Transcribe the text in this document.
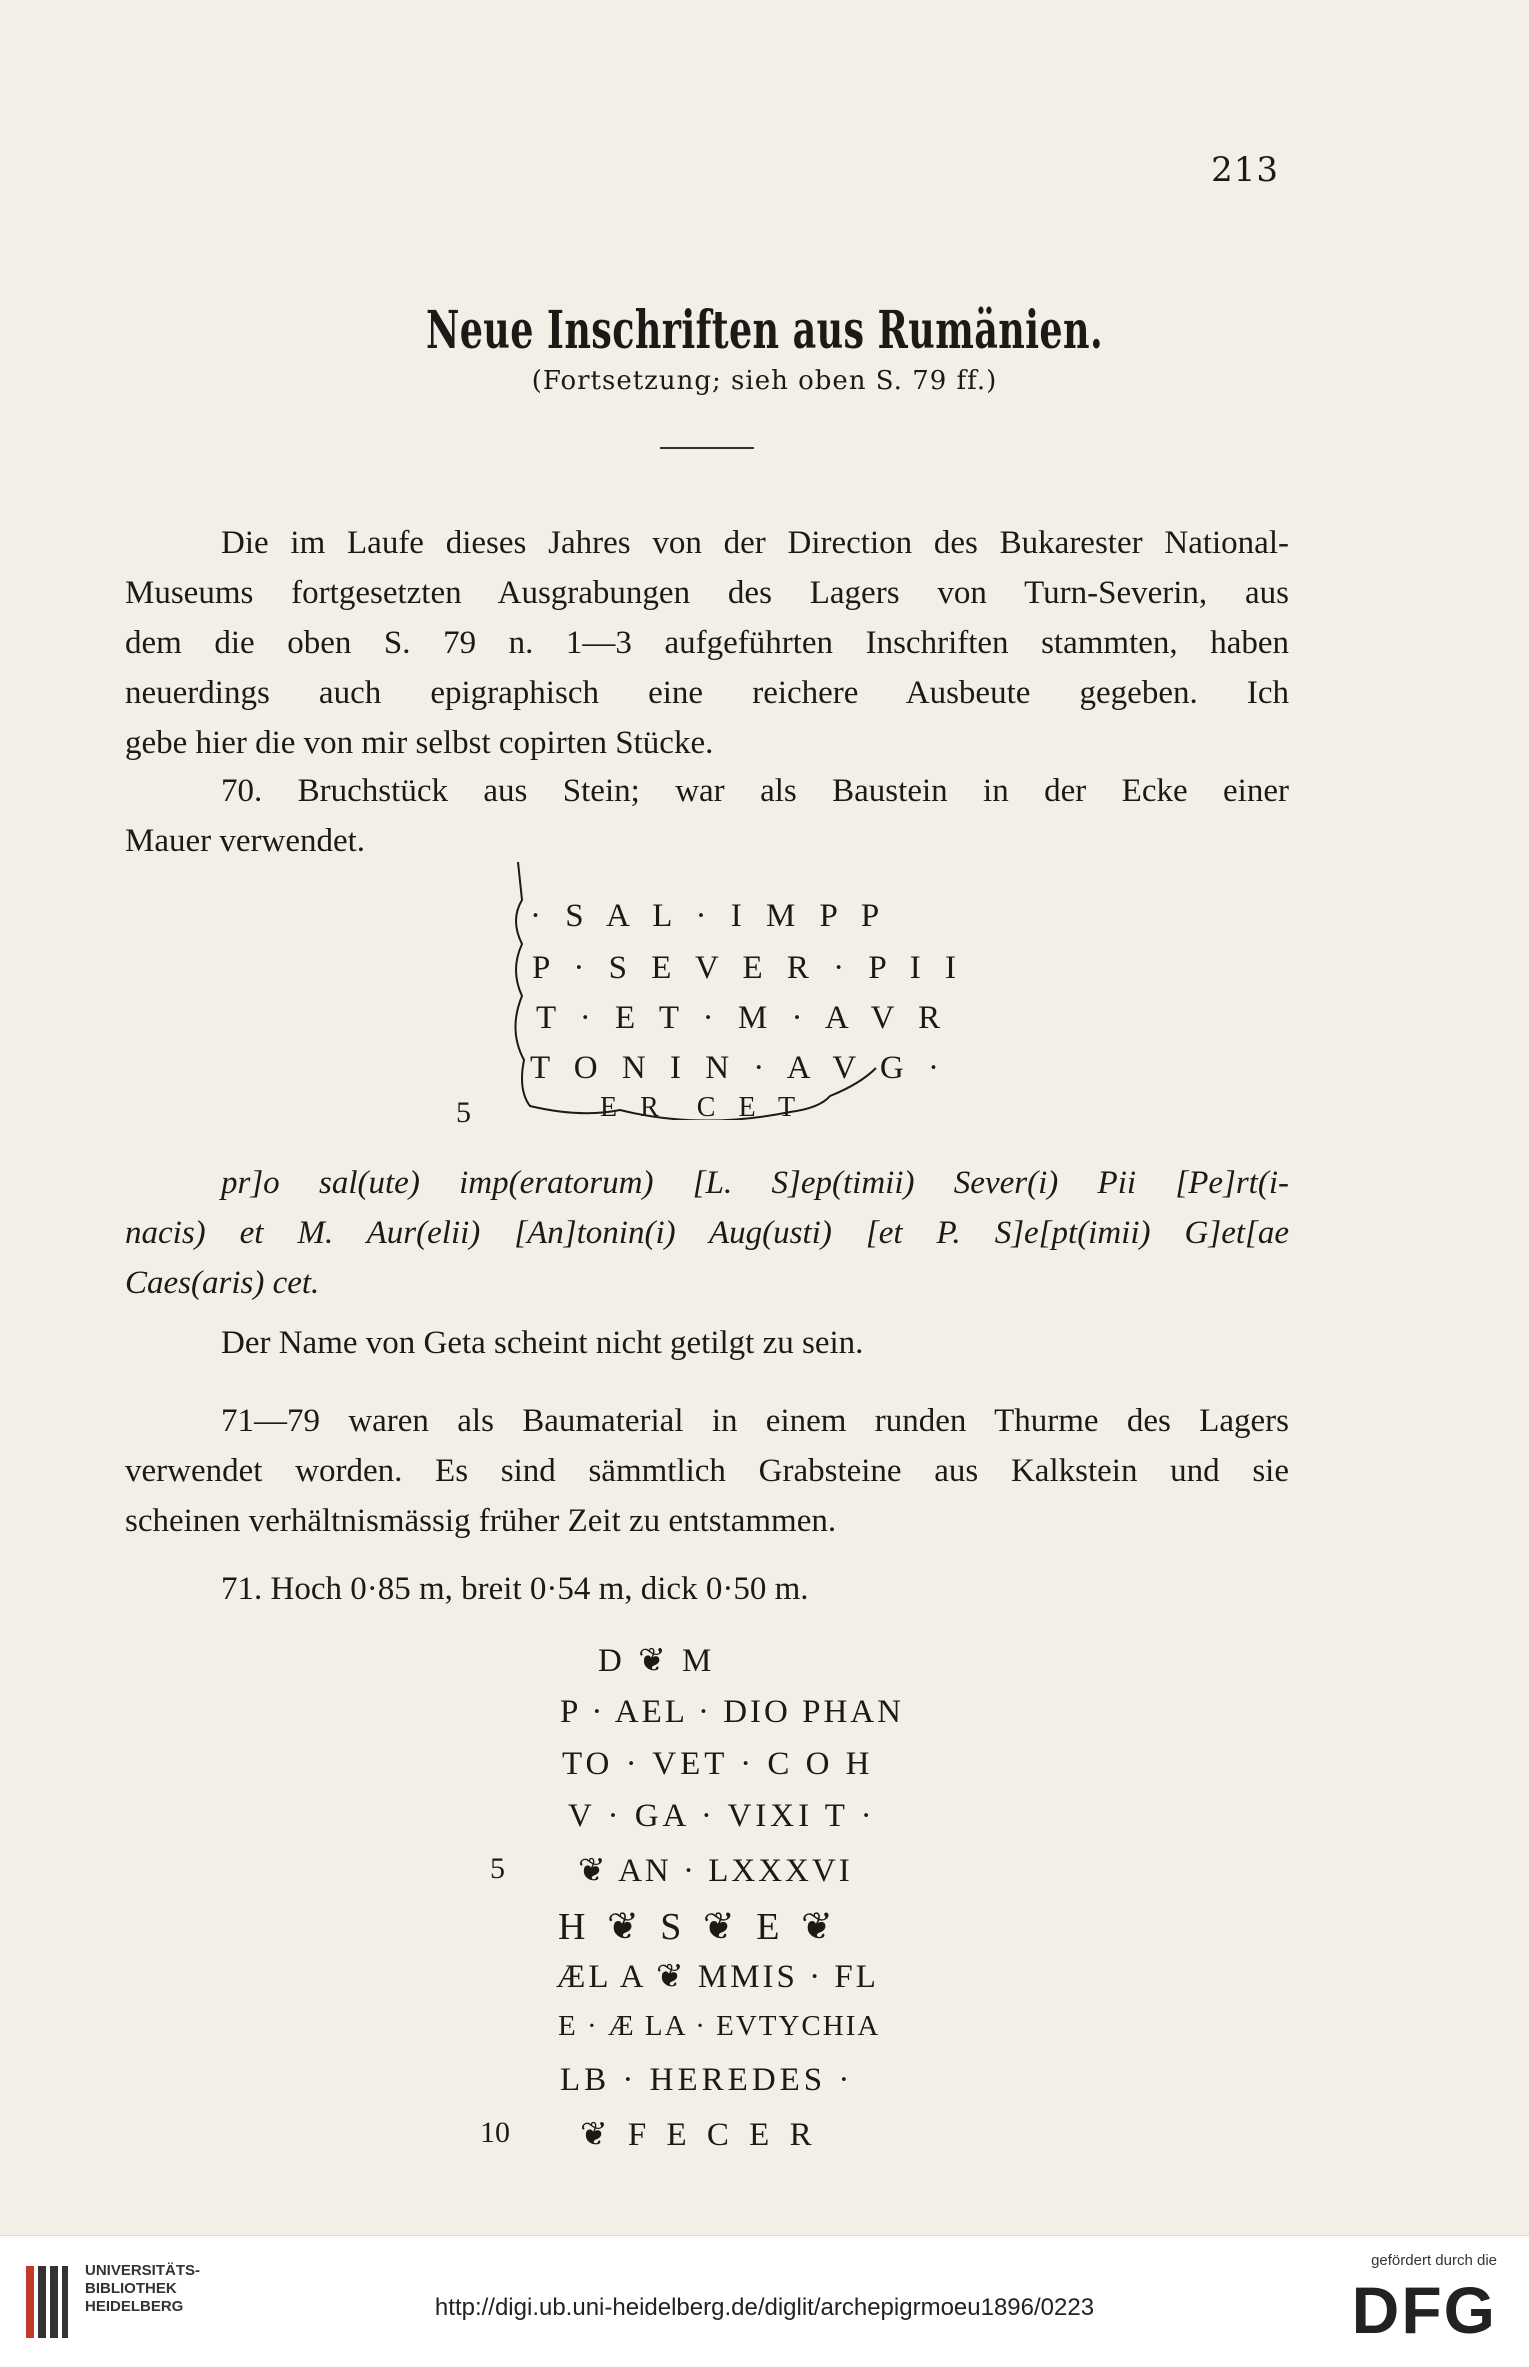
213
Neue Inschriften aus Rumänien.
(Fortsetzung; sieh oben S. 79 ff.)
Die im Laufe dieses Jahres von der Direction des Bukarester National-
Museums fortgesetzten Ausgrabungen des Lagers von Turn-Severin, aus
dem die oben S. 79 n. 1—3 aufgeführten Inschriften stammten, haben
neuerdings auch epigraphisch eine reichere Ausbeute gegeben. Ich
gebe hier die von mir selbst copirten Stücke.
70. Bruchstück aus Stein; war als Baustein in der Ecke einer
Mauer verwendet.
· S A L · I M P P
P · S E V E R · P I I
T · E T · M · A V R
T O N I N · A V G ·
E R  C E T
5
pr]o sal(ute) imp(eratorum) [L. S]ep(timii) Sever(i) Pii [Pe]rt(i-
nacis) et M. Aur(elii) [An]tonin(i) Aug(usti) [et P. S]e[pt(imii) G]et[ae
Caes(aris) cet.
Der Name von Geta scheint nicht getilgt zu sein.
71—79 waren als Baumaterial in einem runden Thurme des Lagers
verwendet worden. Es sind sämmtlich Grabsteine aus Kalkstein und sie
scheinen verhältnismässig früher Zeit zu entstammen.
71. Hoch 0·85 m, breit 0·54 m, dick 0·50 m.
D ❦ M
P · AEL · DIO PHAN
TO · VET · C O H
V · GA · VIXI T ·
❦ AN · LXXXVI
H ❦ S ❦ E ❦
ÆL A ❦ MMIS · FL
E · Æ LA · EVTYCHIA
LB · HEREDES ·
❦ F E C E R
5
10
UNIVERSITÄTS-
BIBLIOTHEK
HEIDELBERG	http://digi.ub.uni-heidelberg.de/diglit/archepigrmoeu1896/0223
gefördert durch die
DFG
